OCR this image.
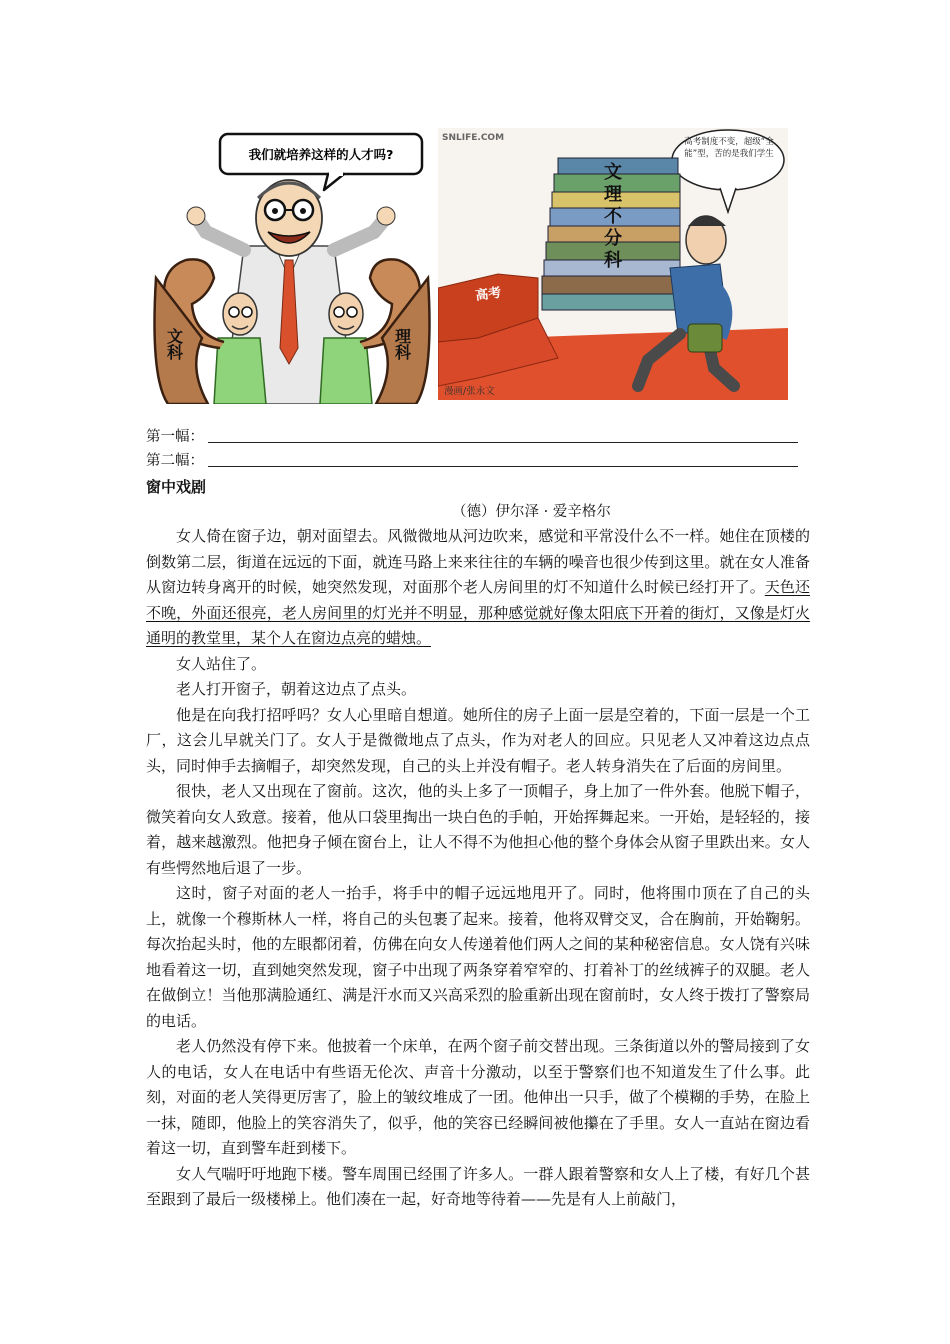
我们就培养这样的人才吗?
文科	理科
SNLIFE.COM
高考
高考制度不变，超级“全能”型，苦的是我们学生
文理不分科
漫画/张永文
第一幅：
第二幅：
窗中戏剧
（德）伊尔泽 · 爱辛格尔

女人倚在窗子边，朝对面望去。风微微地从河边吹来，感觉和平常没什么不一样。她住在顶楼的倒数第二层，街道在远远的下面，就连马路上来来往往的车辆的噪音也很少传到这里。就在女人准备从窗边转身离开的时候，她突然发现，对面那个老人房间里的灯不知道什么时候已经打开了。天色还不晚，外面还很亮，老人房间里的灯光并不明显，那种感觉就好像太阳底下开着的街灯，又像是灯火通明的教堂里，某个人在窗边点亮的蜡烛。

女人站住了。

老人打开窗子，朝着这边点了点头。

他是在向我打招呼吗？女人心里暗自想道。她所住的房子上面一层是空着的，下面一层是一个工厂，这会儿早就关门了。女人于是微微地点了点头，作为对老人的回应。只见老人又冲着这边点点头，同时伸手去摘帽子，却突然发现，自己的头上并没有帽子。老人转身消失在了后面的房间里。

很快，老人又出现在了窗前。这次，他的头上多了一顶帽子，身上加了一件外套。他脱下帽子，微笑着向女人致意。接着，他从口袋里掏出一块白色的手帕，开始挥舞起来。一开始，是轻轻的，接着，越来越激烈。他把身子倾在窗台上，让人不得不为他担心他的整个身体会从窗子里跌出来。女人有些愕然地后退了一步。

这时，窗子对面的老人一抬手，将手中的帽子远远地甩开了。同时，他将围巾顶在了自己的头上，就像一个穆斯林人一样，将自己的头包裹了起来。接着，他将双臂交叉，合在胸前，开始鞠躬。每次抬起头时，他的左眼都闭着，仿佛在向女人传递着他们两人之间的某种秘密信息。女人饶有兴味地看着这一切，直到她突然发现，窗子中出现了两条穿着窄窄的、打着补丁的丝绒裤子的双腿。老人在做倒立！当他那满脸通红、满是汗水而又兴高采烈的脸重新出现在窗前时，女人终于拨打了警察局的电话。

老人仍然没有停下来。他披着一个床单，在两个窗子前交替出现。三条街道以外的警局接到了女人的电话，女人在电话中有些语无伦次、声音十分激动，以至于警察们也不知道发生了什么事。此刻，对面的老人笑得更厉害了，脸上的皱纹堆成了一团。他伸出一只手，做了个模糊的手势，在脸上一抹，随即，他脸上的笑容消失了，似乎，他的笑容已经瞬间被他攥在了手里。女人一直站在窗边看着这一切，直到警车赶到楼下。

女人气喘吁吁地跑下楼。警车周围已经围了许多人。一群人跟着警察和女人上了楼，有好几个甚至跟到了最后一级楼梯上。他们凑在一起，好奇地等待着——先是有人上前敲门，
